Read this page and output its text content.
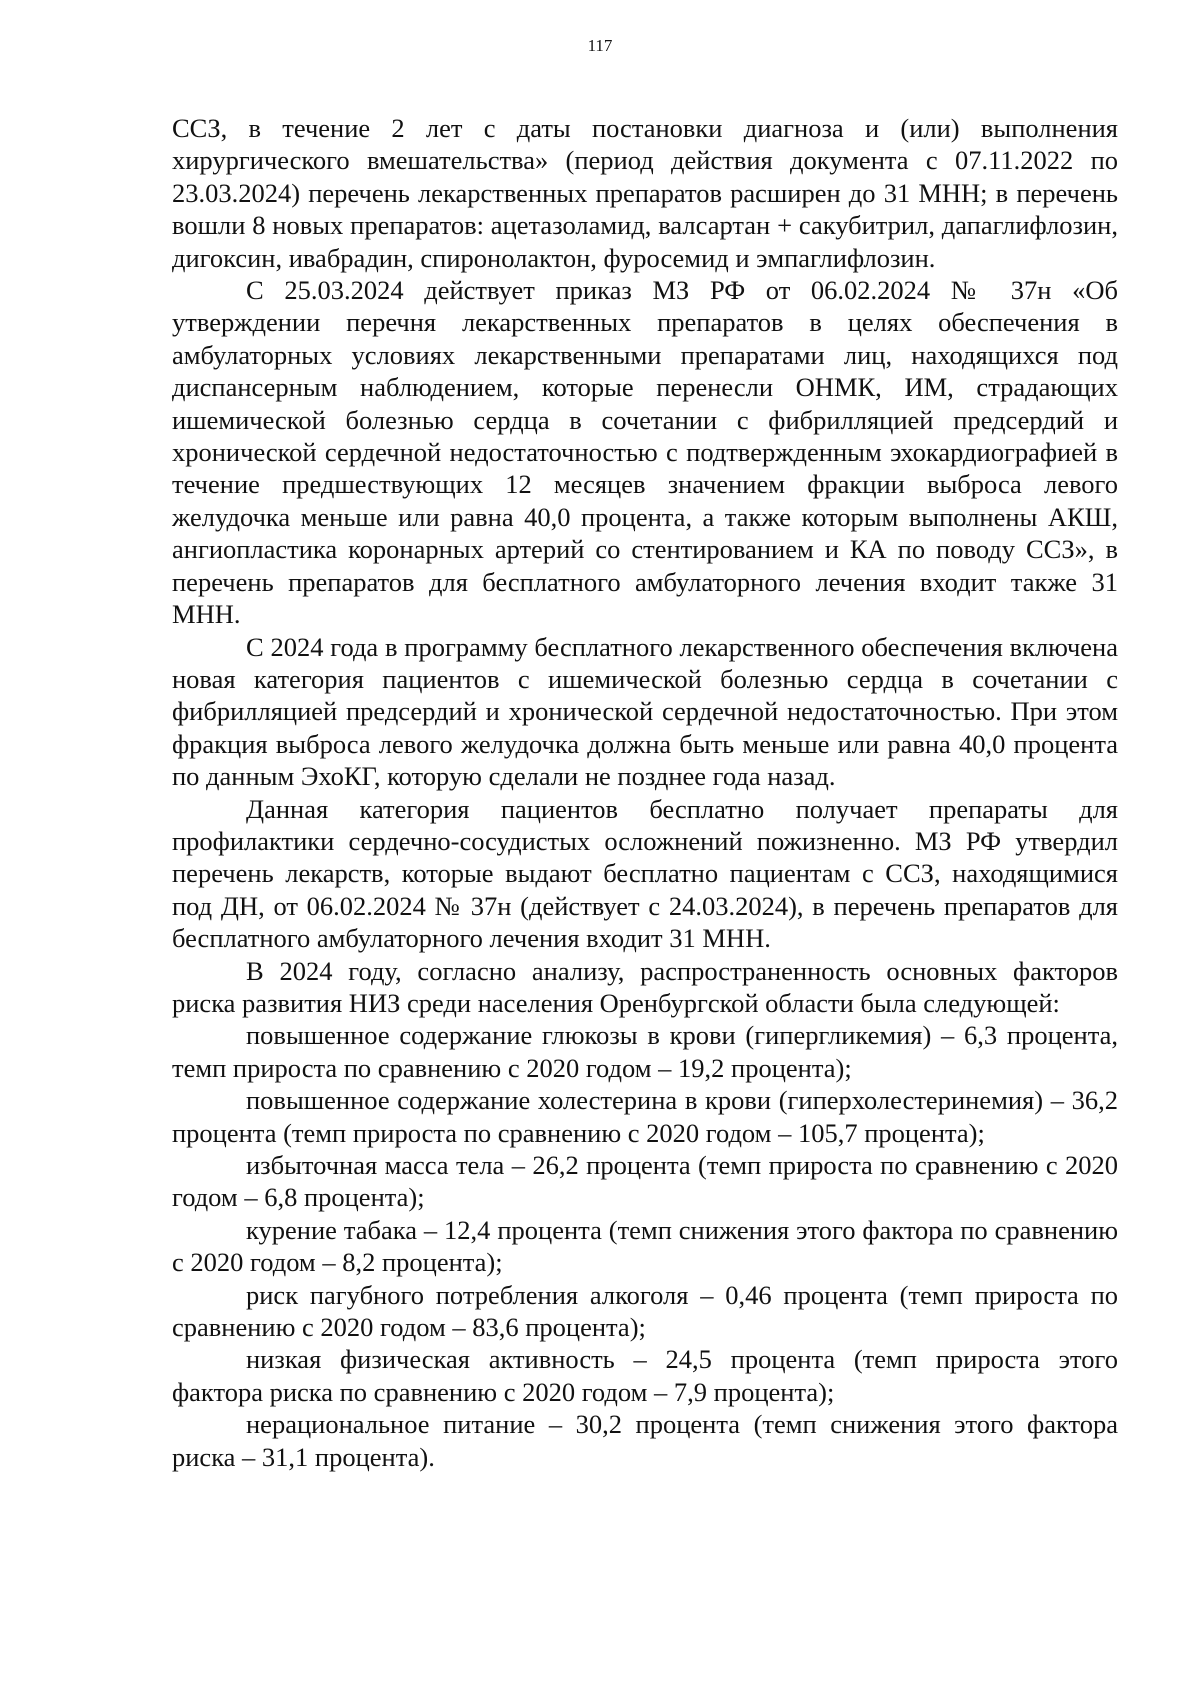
117

ССЗ, в течение 2 лет с даты постановки диагноза и (или) выполнения хирургического вмешательства» (период действия документа с 07.11.2022 по 23.03.2024) перечень лекарственных препаратов расширен до 31 МНН; в перечень вошли 8 новых препаратов: ацетазоламид, валсартан + сакубитрил, дапаглифлозин, дигоксин, ивабрадин, спиронолактон, фуросемид и эмпаглифлозин.

С 25.03.2024 действует приказ МЗ РФ от 06.02.2024 № 37н «Об утверждении перечня лекарственных препаратов в целях обеспечения в амбулаторных условиях лекарственными препаратами лиц, находящихся под диспансерным наблюдением, которые перенесли ОНМК, ИМ, страдающих ишемической болезнью сердца в сочетании с фибрилляцией предсердий и хронической сердечной недостаточностью с подтвержденным эхокардиографией в течение предшествующих 12 месяцев значением фракции выброса левого желудочка меньше или равна 40,0 процента, а также которым выполнены АКШ, ангиопластика коронарных артерий со стентированием и КА по поводу ССЗ», в перечень препаратов для бесплатного амбулаторного лечения входит также 31 МНН.

С 2024 года в программу бесплатного лекарственного обеспечения включена новая категория пациентов с ишемической болезнью сердца в сочетании с фибрилляцией предсердий и хронической сердечной недостаточностью. При этом фракция выброса левого желудочка должна быть меньше или равна 40,0 процента по данным ЭхоКГ, которую сделали не позднее года назад.

Данная категория пациентов бесплатно получает препараты для профилактики сердечно-сосудистых осложнений пожизненно. МЗ РФ утвердил перечень лекарств, которые выдают бесплатно пациентам с ССЗ, находящимися под ДН, от 06.02.2024 № 37н (действует с 24.03.2024), в перечень препаратов для бесплатного амбулаторного лечения входит 31 МНН.

В 2024 году, согласно анализу, распространенность основных факторов риска развития НИЗ среди населения Оренбургской области была следующей:

повышенное содержание глюкозы в крови (гипергликемия) – 6,3 процента, темп прироста по сравнению с 2020 годом – 19,2 процента);

повышенное содержание холестерина в крови (гиперхолестеринемия) – 36,2 процента (темп прироста по сравнению с 2020 годом – 105,7 процента);

избыточная масса тела – 26,2 процента (темп прироста по сравнению с 2020 годом – 6,8 процента);

курение табака – 12,4 процента (темп снижения этого фактора по сравнению с 2020 годом – 8,2 процента);

риск пагубного потребления алкоголя – 0,46 процента (темп прироста по сравнению с 2020 годом – 83,6 процента);

низкая физическая активность – 24,5 процента (темп прироста этого фактора риска по сравнению с 2020 годом – 7,9 процента);

нерациональное питание – 30,2 процента (темп снижения этого фактора риска – 31,1 процента).
